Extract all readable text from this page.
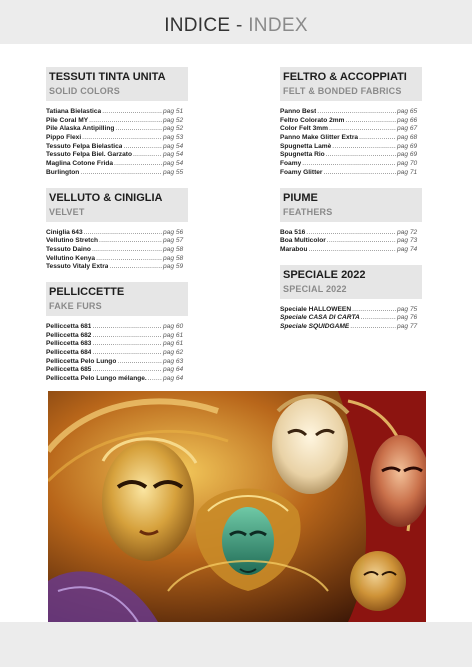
INDICE - INDEX
TESSUTI TINTA UNITA
SOLID COLORS
Tatiana Bielastica .....	pag 51
Pile Coral MY .....	pag 52
Pile Alaska Antipilling .....	pag 52
Pippo Flexi .....	pag 53
Tessuto Felpa Bielastica .....	pag 54
Tessuto Felpa Biel. Garzato .....	pag 54
Maglina Cotone Frida .....	pag 54
Burlington .....	pag 55
VELLUTO & CINIGLIA
VELVET
Ciniglia 643 .....	pag 56
Vellutino Stretch .....	pag 57
Tessuto Daino .....	pag 58
Vellutino Kenya .....	pag 58
Tessuto Vitaly Extra .....	pag 59
PELLICCETTE
FAKE FURS
Pelliccetta 681 .....	pag 60
Pelliccetta 682 .....	pag 61
Pelliccetta 683 .....	pag 61
Pelliccetta 684 .....	pag 62
Pelliccetta Pelo Lungo .....	pag 63
Pelliccetta 685 .....	pag 64
Pelliccetta Pelo Lungo mélange. ..... pag 64
FELTRO & ACCOPPIATI
FELT & BONDED FABRICS
Panno Best .....	pag 65
Feltro Colorato 2mm .....	pag 66
Color Felt 3mm .....	pag 67
Panno Make Glitter Extra .....	pag 68
Spugnetta Lamè .....	pag 69
Spugnetta Rio .....	pag 69
Foamy .....	pag 70
Foamy Glitter .....	pag 71
PIUME
FEATHERS
Boa 516 .....	pag 72
Boa Multicolor .....	pag 73
Marabou .....	pag 74
SPECIALE 2022
SPECIAL 2022
Speciale HALLOWEEN .....	pag 75
Speciale CASA DI CARTA .....	pag 76
Speciale SQUIDGAME .....	pag 77
